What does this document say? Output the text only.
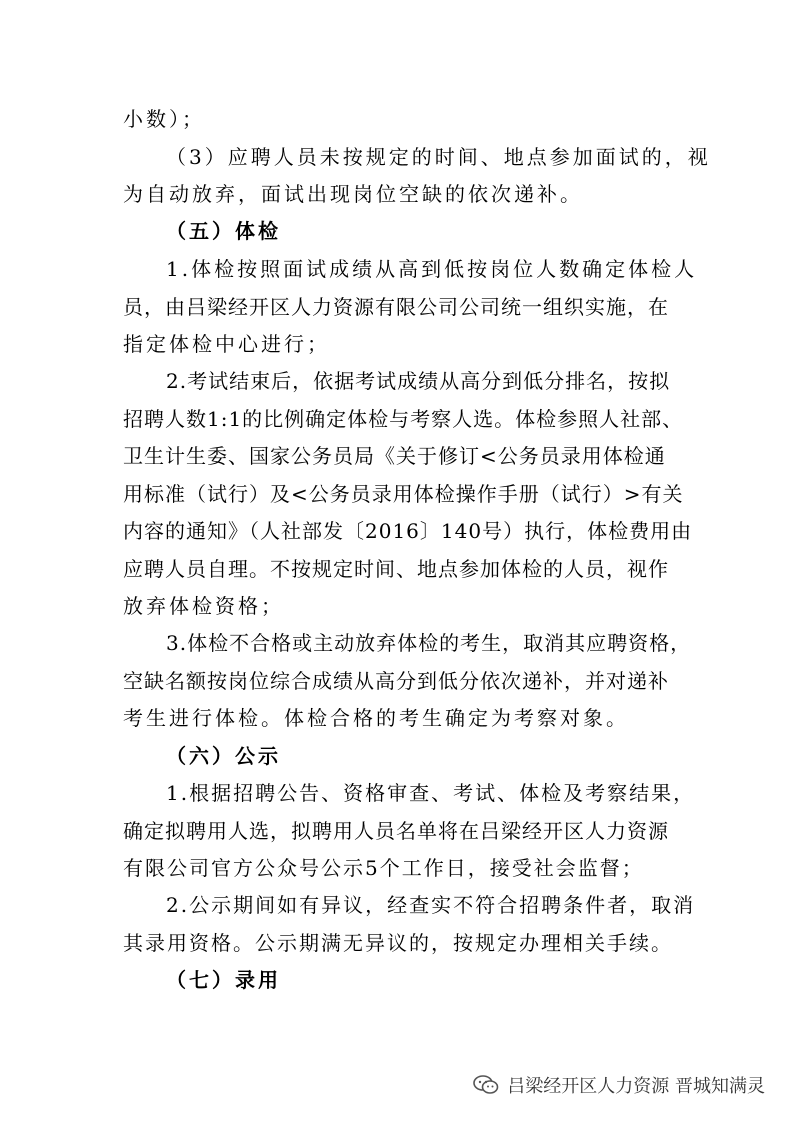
小数）；
（3）应聘人员未按规定的时间、地点参加面试的，视
为自动放弃，面试出现岗位空缺的依次递补。
（五）体检
1.体检按照面试成绩从高到低按岗位人数确定体检人
员，由吕梁经开区人力资源有限公司公司统一组织实施，在
指定体检中心进行；
2.考试结束后，依据考试成绩从高分到低分排名，按拟
招聘人数1:1的比例确定体检与考察人选。体检参照人社部、
卫生计生委、国家公务员局《关于修订<公务员录用体检通
用标准（试行）及<公务员录用体检操作手册（试行）>有关
内容的通知》（人社部发〔2016〕140号）执行，体检费用由
应聘人员自理。不按规定时间、地点参加体检的人员，视作
放弃体检资格；
3.体检不合格或主动放弃体检的考生，取消其应聘资格，
空缺名额按岗位综合成绩从高分到低分依次递补，并对递补
考生进行体检。体检合格的考生确定为考察对象。
（六）公示
1.根据招聘公告、资格审查、考试、体检及考察结果，
确定拟聘用人选，拟聘用人员名单将在吕梁经开区人力资源
有限公司官方公众号公示5个工作日，接受社会监督；
2.公示期间如有异议，经查实不符合招聘条件者，取消
其录用资格。公示期满无异议的，按规定办理相关手续。
（七）录用
吕梁经开区人力资源 晋城知满灵
